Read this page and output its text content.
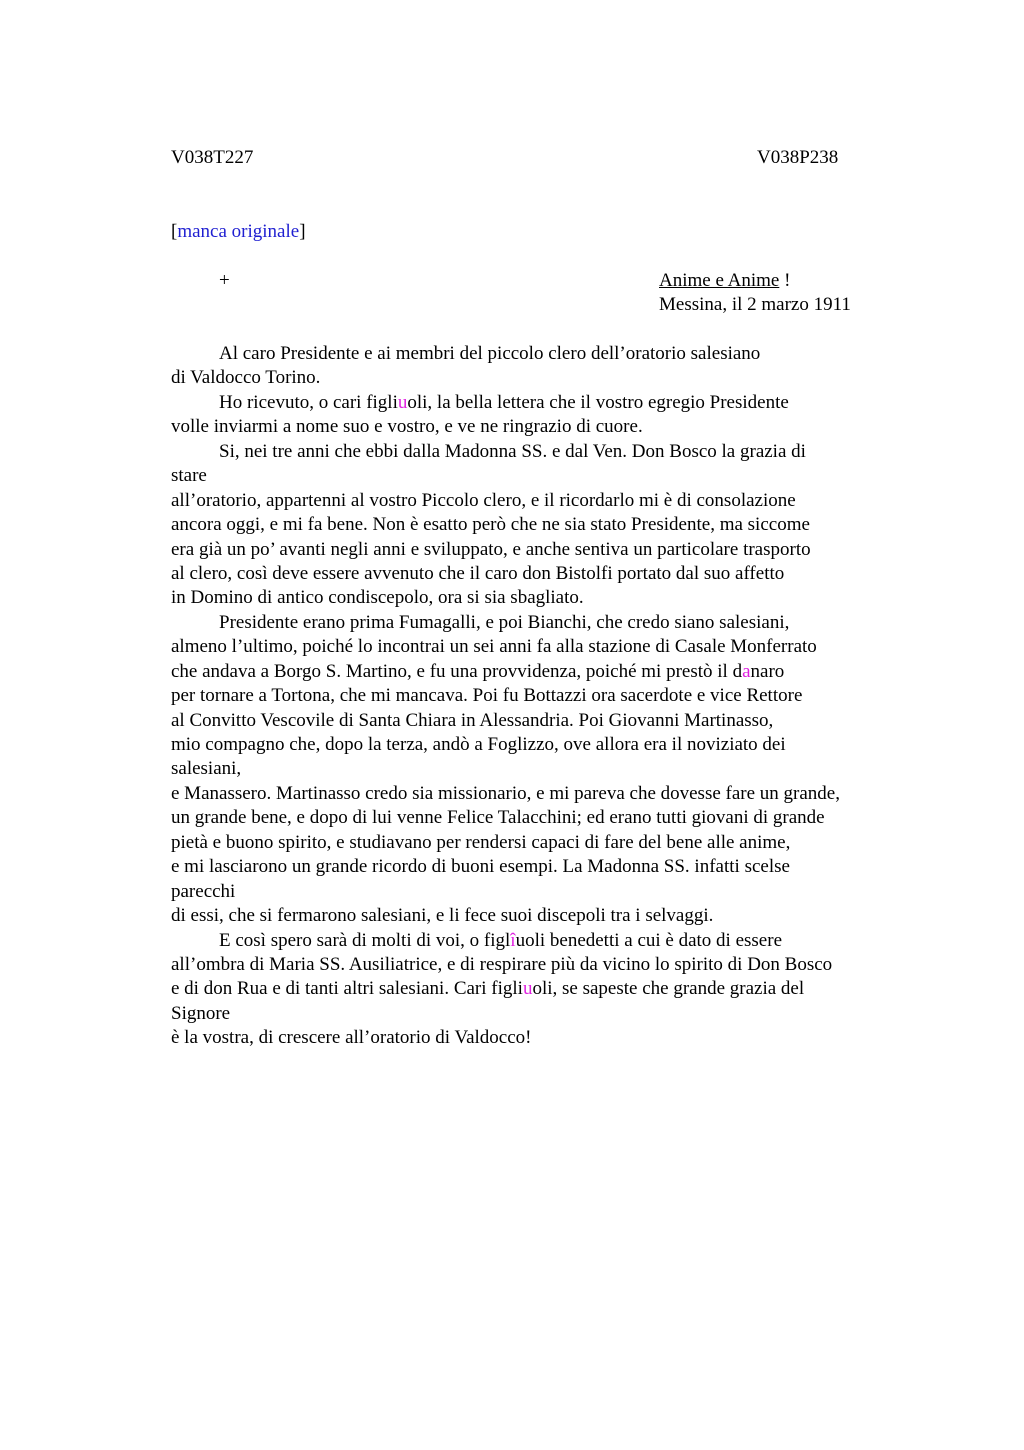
V038T227	V038P238
[manca originale]
+	Anime e Anime !
Messina, il 2 marzo 1911
Al caro Presidente e ai membri del piccolo clero dell’oratorio salesiano
di Valdocco Torino.
Ho ricevuto, o cari figliuoli, la bella lettera che il vostro egregio Presidente
volle inviarmi a nome suo e vostro, e ve ne ringrazio di cuore.
Si, nei tre anni che ebbi dalla Madonna SS. e dal Ven. Don Bosco la grazia di
stare
all’oratorio, appartenni al vostro Piccolo clero, e il ricordarlo mi è di consolazione
ancora oggi, e mi fa bene. Non è esatto però che ne sia stato Presidente, ma siccome
era già un po’ avanti negli anni e sviluppato, e anche sentiva un particolare trasporto
al clero, così deve essere avvenuto che il caro don Bistolfi portato dal suo affetto
in Domino di antico condiscepolo, ora si sia sbagliato.
Presidente erano prima Fumagalli, e poi Bianchi, che credo siano salesiani,
almeno l’ultimo, poiché lo incontrai un sei anni fa alla stazione di Casale Monferrato
che andava a Borgo S. Martino, e fu una provvidenza, poiché mi prestò il danaro
per tornare a Tortona, che mi mancava. Poi fu Bottazzi ora sacerdote e vice Rettore
al Convitto Vescovile di Santa Chiara in Alessandria. Poi Giovanni Martinasso,
mio compagno che, dopo la terza, andò a Foglizzo, ove allora era il noviziato dei
salesiani,
e Manassero. Martinasso credo sia missionario, e mi pareva che dovesse fare un grande,
un grande bene, e dopo di lui venne Felice Talacchini; ed erano tutti giovani di grande
pietà e buono spirito, e studiavano per rendersi capaci di fare del bene alle anime,
e mi lasciarono un grande ricordo di buoni esempi. La Madonna SS. infatti scelse
parecchi
di essi, che si fermarono salesiani, e li fece suoi discepoli tra i selvaggi.
E così spero sarà di molti di voi, o figlîuoli benedetti a cui è dato di essere
all’ombra di Maria SS. Ausiliatrice, e di respirare più da vicino lo spirito di Don Bosco
e di don Rua e di tanti altri salesiani. Cari figliuoli, se sapeste che grande grazia del
Signore
è la vostra, di crescere all’oratorio di Valdocco!
